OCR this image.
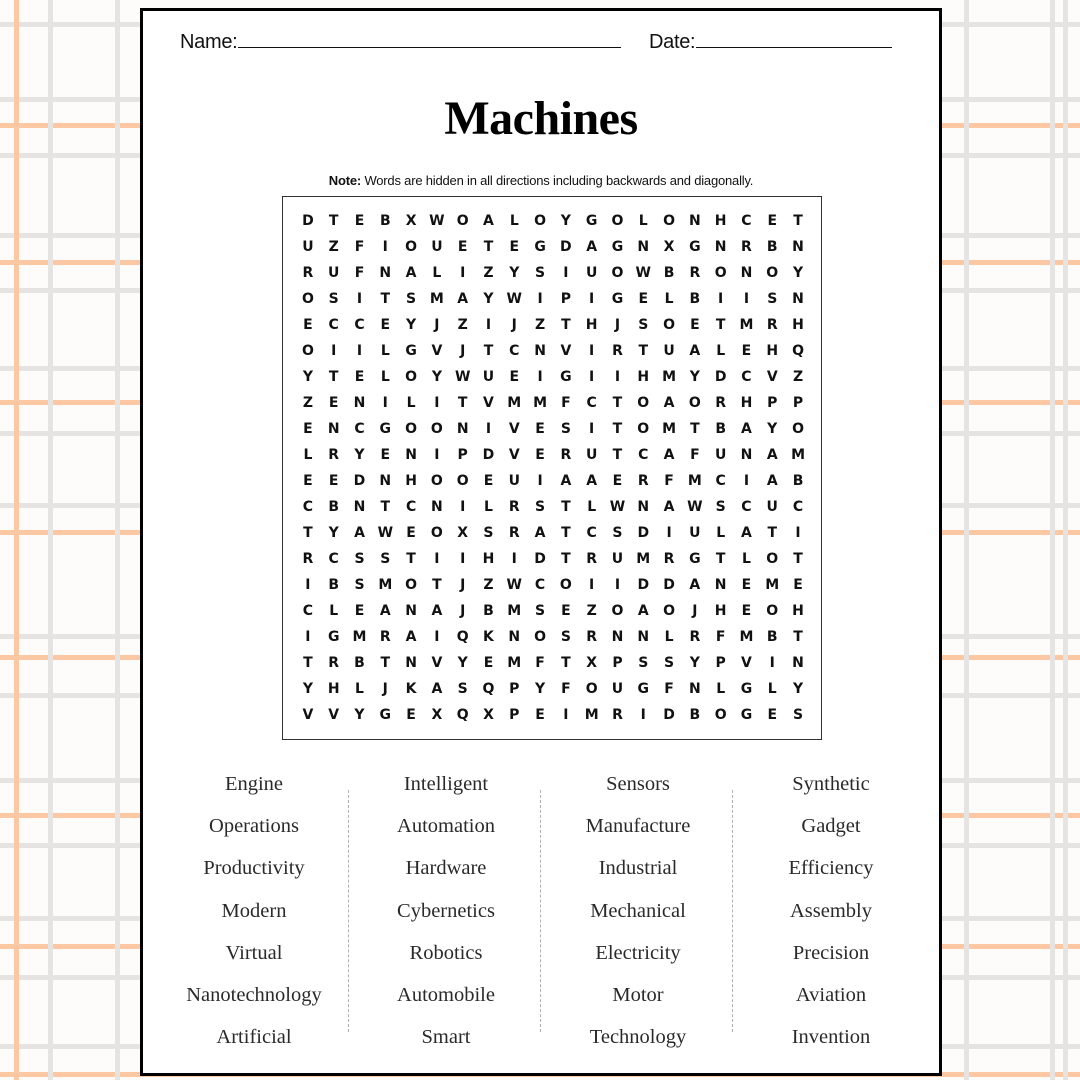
Name:	Date:
Machines
Note: Words are hidden in all directions including backwards and diagonally.
D	T	E	B	X W O	A	L	O	Y	G	O	L	O N	H	C	E	T
U	Z	F	I	O	U	E	T	E	G	D	A	G	N	X	G	N	R	B	N
R	U	F	N	A	L	I	Z	Y	S	I	U	O W B	R	O N O	Y
O	S	I	T	S M A	Y W	I	P	I	G	E	L	B	I	I	S	N
E	C	C	E	Y	J	Z	I	J	Z	T	H	J	S	O	E	T	M R	H
O	I	I	L	G	V	J	T	C	N	V	I	R	T	U	A	L	E	H Q
Y	T	E	L	O	Y W U	E	I	G	I	I	H M Y	D	C	V	Z
Z	E	N	I	L	I	T	V M M	F	C	T	O	A	O	R	H	P	P
E	N	C	G	O O N	I	V	E	S	I	T	O M	T	B	A	Y	O
L	R	Y	E	N	I	P	D	V	E	R	U	T	C	A	F	U	N	A M
E	E	D	N	H O O	E	U	I	A	A	E	R	F	M C	I	A	B
C	B	N	T	C	N	I	L	R	S	T	L W N	A W S	C	U	C
T	Y	A W E	O	X	S	R	A	T	C	S	D	I	U	L	A	T	I
R	C	S	S	T	I	I	H	I	D	T	R	U M R	G	T	L	O	T
I	B	S M O	T	J	Z W C	O	I	I	D	D	A	N	E	M	E
C	L	E	A	N	A	J	B M S	E	Z	O	A	O	J	H	E	O H
I	G M R	A	I	Q	K	N O	S	R	N	N	L	R	F	M B	T
T	R	B	T	N	V	Y	E	M	F	T	X	P	S	S	Y	P	V	I	N
Y	H	L	J	K	A	S	Q	P	Y	F	O	U	G	F	N	L	G	L	Y
V	V	Y	G	E	X	Q	X	P	E	I	M R	I	D	B	O	G	E	S
Engine
Operations
Productivity
Modern
Virtual
Nanotechnology
Artificial
Intelligent
Automation
Hardware
Cybernetics
Robotics
Automobile
Smart
Sensors
Manufacture
Industrial
Mechanical
Electricity
Motor
Technology
Synthetic
Gadget
Efficiency
Assembly
Precision
Aviation
Invention
